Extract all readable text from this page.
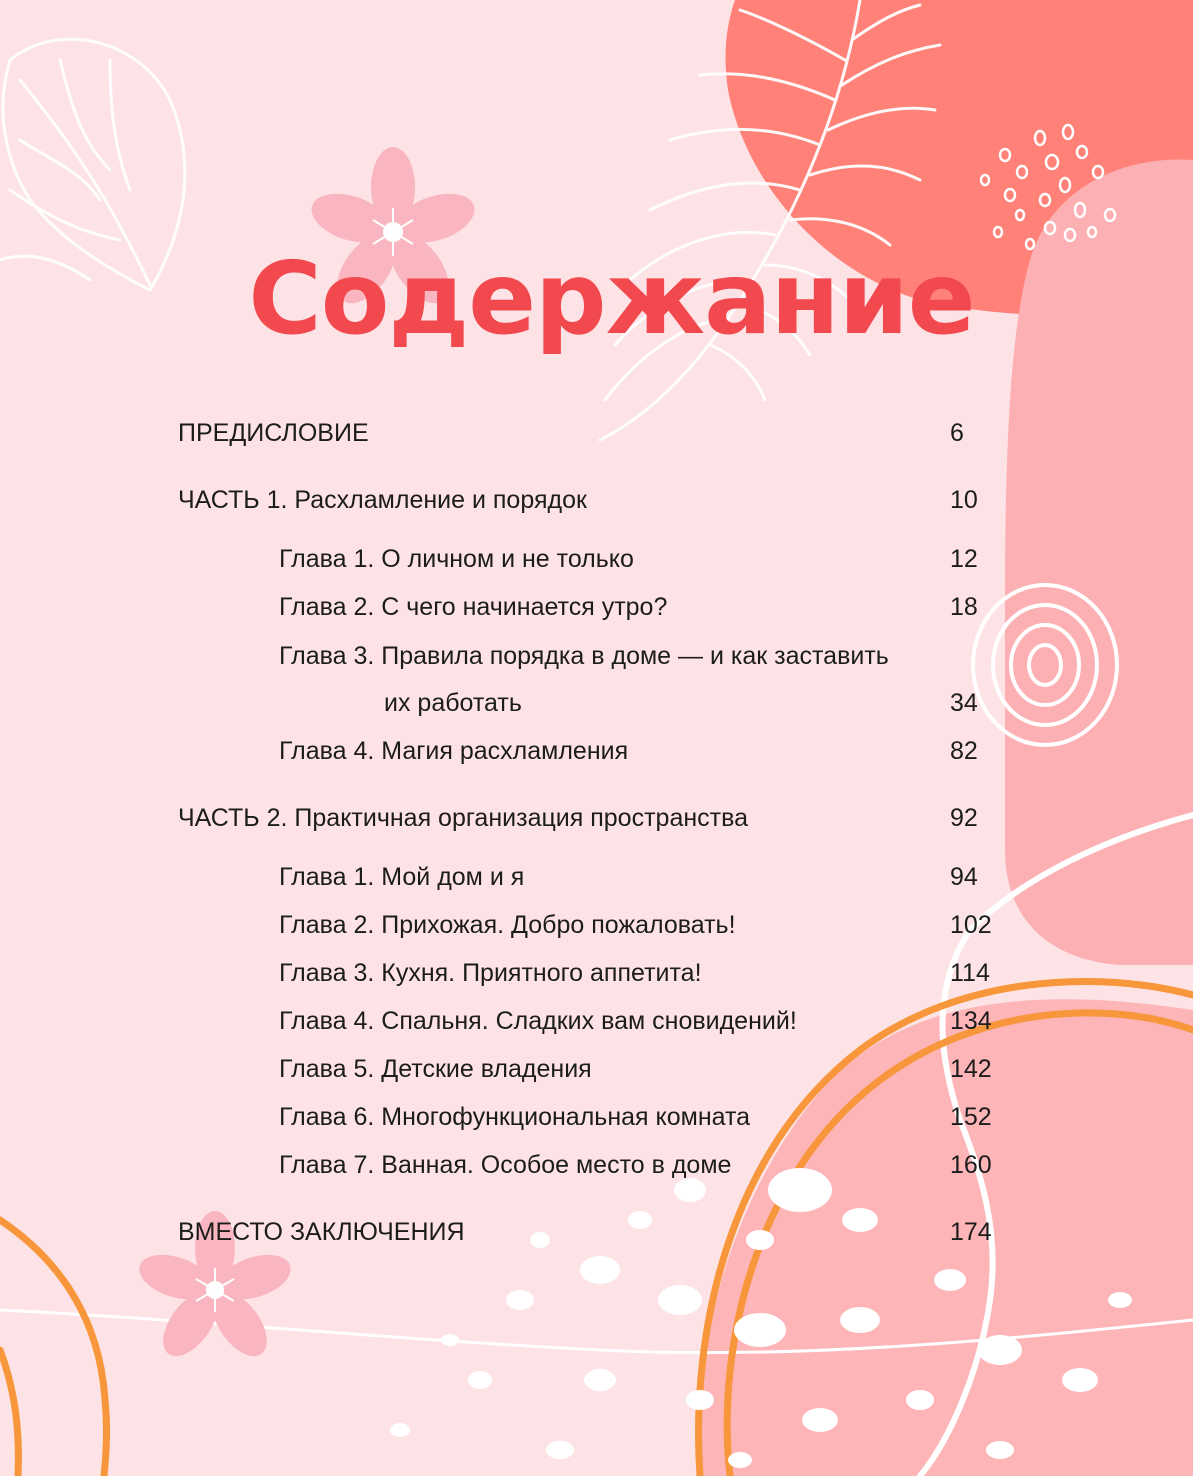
Содержание
ПРЕДИСЛОВИЕ	6
ЧАСТЬ 1. Расхламление и порядок	10
Глава 1. О личном и не только	12
Глава 2. С чего начинается утро?	18
Глава 3. Правила порядка в доме — и как заставить
их работать	34
Глава 4. Магия расхламления	82
ЧАСТЬ 2. Практичная организация пространства	92
Глава 1. Мой дом и я	94
Глава 2. Прихожая. Добро пожаловать!	102
Глава 3. Кухня. Приятного аппетита!	114
Глава 4. Спальня. Сладких вам сновидений!	134
Глава 5. Детские владения	142
Глава 6. Многофункциональная комната	152
Глава 7. Ванная. Особое место в доме	160
ВМЕСТО ЗАКЛЮЧЕНИЯ	174
